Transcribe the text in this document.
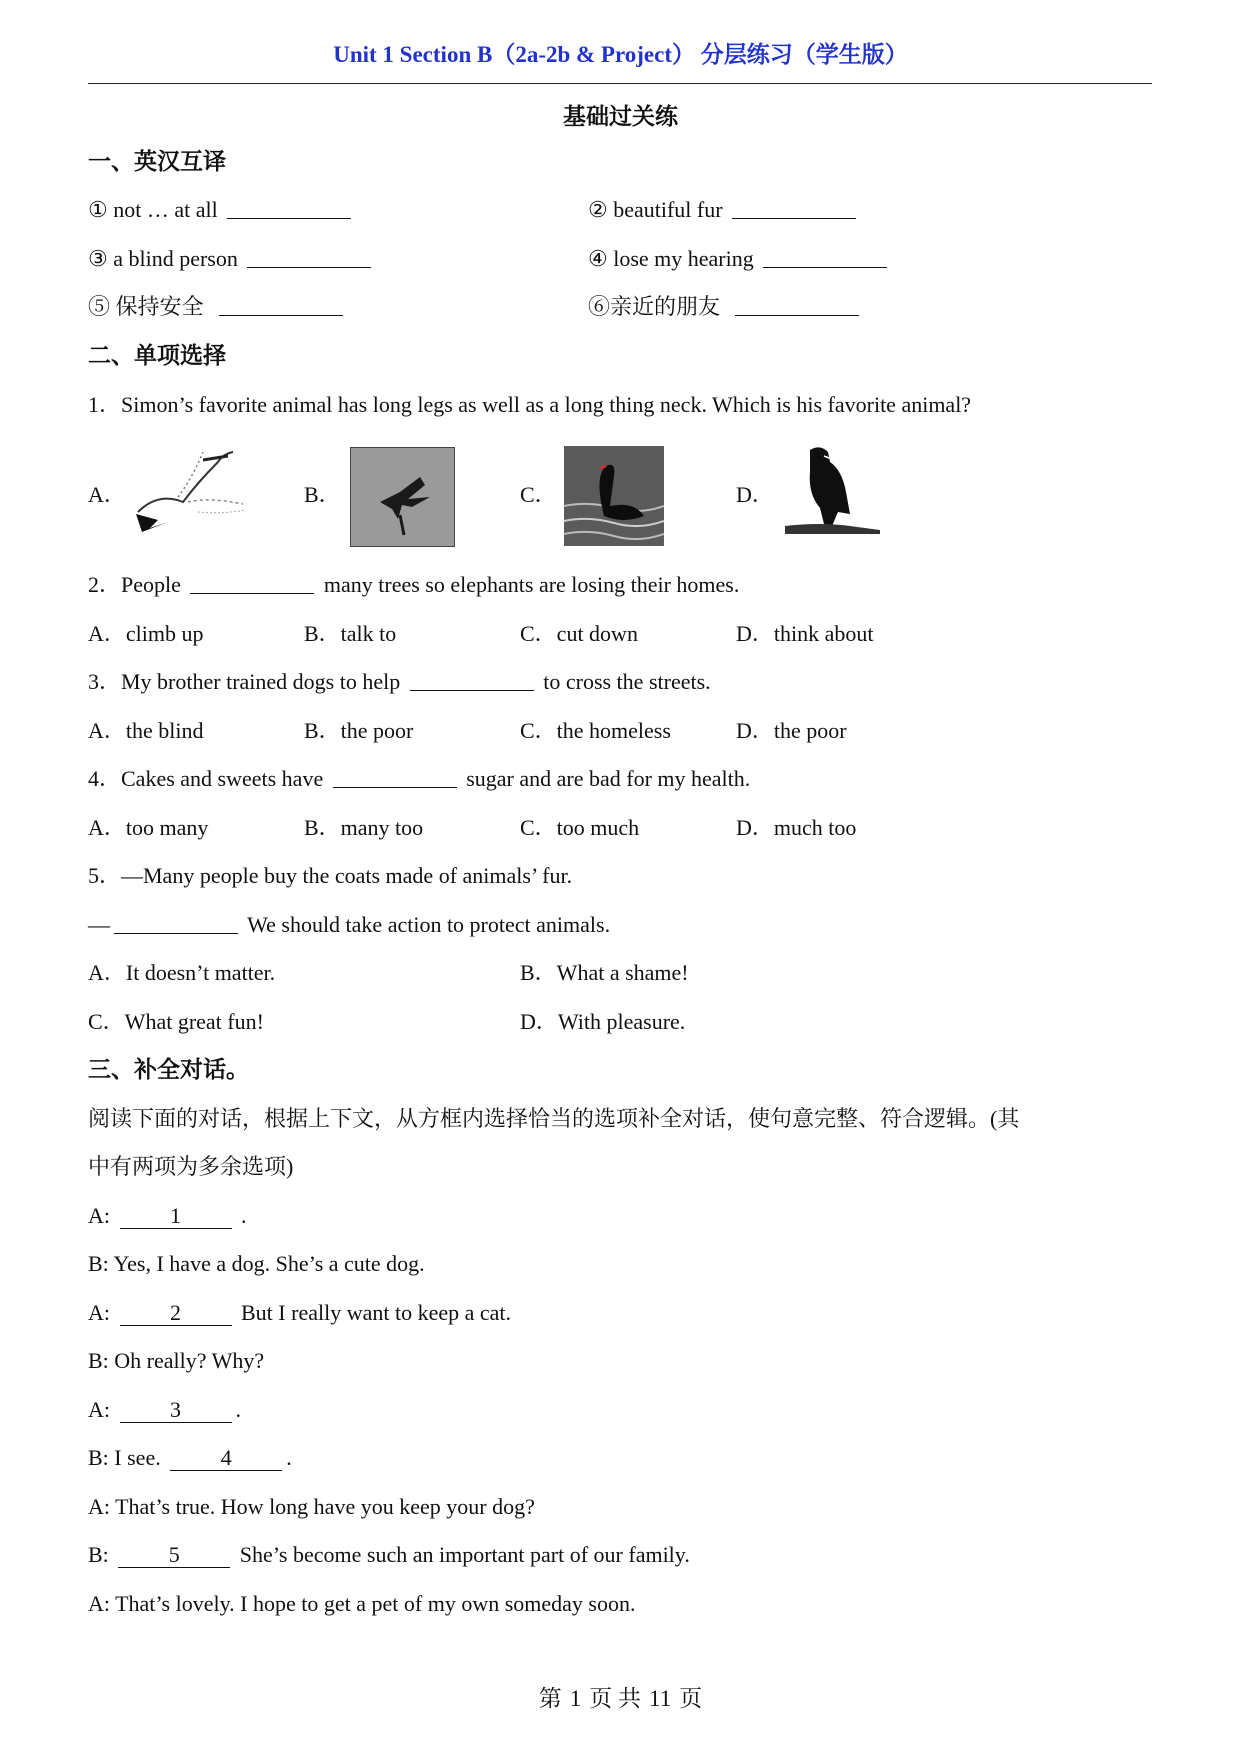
Unit 1 Section B（2a-2b & Project） 分层练习（学生版）
基础过关练
一、英汉互译
① not … at all	② beautiful fur
③ a blind person	④ lose my hearing
⑤ 保持安全	⑥亲近的朋友
二、单项选择
1．Simon’s favorite animal has long legs as well as a long thing neck. Which is his favorite animal?
A．	B．	C．	D．
2．People	many trees so elephants are losing their homes.
A．climb up	B．talk to	C．cut down	D．think about
3．My brother trained dogs to help	to cross the streets.
A．the blind	B．the poor	C．the homeless	D．the poor
4．Cakes and sweets have	sugar and are bad for my health.
A．too many	B．many too	C．too much	D．much too
5．—Many people buy the coats made of animals’ fur.
—	We should take action to protect animals.
A．It doesn’t matter.	B．What a shame!
C．What great fun!	D．With pleasure.
三、补全对话。
阅读下面的对话，根据上下文，从方框内选择恰当的选项补全对话，使句意完整、符合逻辑。(其
中有两项为多余选项)
A:	1	.
B: Yes, I have a dog. She’s a cute dog.
A:	2	But I really want to keep a cat.
B: Oh really? Why?
A:	3 .
B: I see.	4 .
A: That’s true. How long have you keep your dog?
B:	5	She’s become such an important part of our family.
A: That’s lovely. I hope to get a pet of my own someday soon.
第 1 页 共 11 页
